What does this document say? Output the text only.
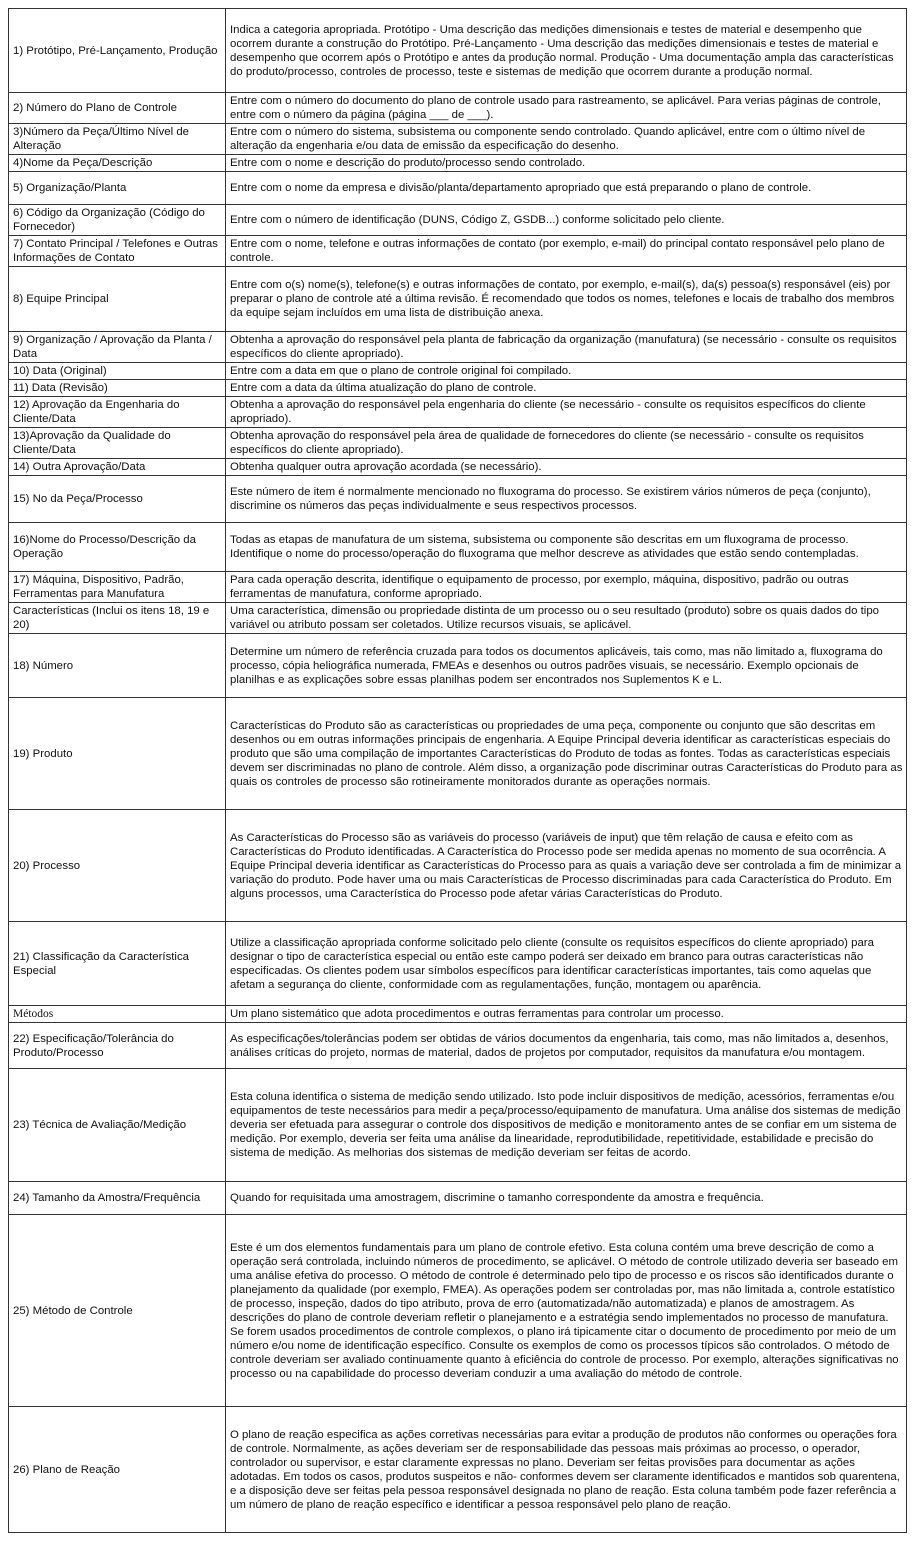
1) Protótipo, Pré-Lançamento, Produção	Indica a categoria apropriada. Protótipo - Uma descrição das medições dimensionais e testes de material e desempenho que ocorrem durante a construção do Protótipo. Pré-Lançamento - Uma descrição das medições dimensionais e testes de material e desempenho que ocorrem após o Protótipo e antes da produção normal. Produção - Uma documentação ampla das características do produto/processo, controles de processo, teste e sistemas de medição que ocorrem durante a produção normal.
2) Número do Plano de Controle	Entre com o número do documento do plano de controle usado para rastreamento, se aplicável. Para verias páginas de controle, entre com o número da página (página ___ de ___).
3)Número da Peça/Último Nível de Alteração	Entre com o número do sistema, subsistema ou componente sendo controlado. Quando aplicável, entre com o último nível de alteração da engenharia e/ou data de emissão da especificação do desenho.
4)Nome da Peça/Descrição	Entre com o nome e descrição do produto/processo sendo controlado.
5) Organização/Planta	Entre com o nome da empresa e divisão/planta/departamento apropriado que está preparando o plano de controle.
6) Código da Organização (Código do Fornecedor)	Entre com o número de identificação (DUNS, Código Z, GSDB...) conforme solicitado pelo cliente.
7) Contato Principal / Telefones e Outras Informações de Contato	Entre com o nome, telefone e outras informações de contato (por exemplo, e-mail) do principal contato responsável pelo plano de controle.
8) Equipe Principal	Entre com o(s) nome(s), telefone(s) e outras informações de contato, por exemplo, e-mail(s), da(s) pessoa(s) responsável (eis) por preparar o plano de controle até a última revisão. É recomendado que todos os nomes, telefones e locais de trabalho dos membros da equipe sejam incluídos em uma lista de distribuição anexa.
9) Organização / Aprovação da Planta / Data	Obtenha a aprovação do responsável pela planta de fabricação da organização (manufatura) (se necessário - consulte os requisitos específicos do cliente apropriado).
10) Data (Original)	Entre com a data em que o plano de controle original foi compilado.
11) Data (Revisão)	Entre com a data da última atualização do plano de controle.
12) Aprovação da Engenharia do Cliente/Data	Obtenha a aprovação do responsável pela engenharia do cliente (se necessário - consulte os requisitos específicos do cliente apropriado).
13)Aprovação da Qualidade do Cliente/Data	Obtenha aprovação do responsável pela área de qualidade de fornecedores do cliente (se necessário - consulte os requisitos específicos do cliente apropriado).
14) Outra Aprovação/Data	Obtenha qualquer outra aprovação acordada (se necessário).
15) No da Peça/Processo	Este número de item é normalmente mencionado no fluxograma do processo. Se existirem vários números de peça (conjunto), discrimine os números das peças individualmente e seus respectivos processos.
16)Nome do Processo/Descrição da Operação	Todas as etapas de manufatura de um sistema, subsistema ou componente são descritas em um fluxograma de processo. Identifique o nome do processo/operação do fluxograma que melhor descreve as atividades que estão sendo contempladas.
17) Máquina, Dispositivo, Padrão, Ferramentas para Manufatura	Para cada operação descrita, identifique o equipamento de processo, por exemplo, máquina, dispositivo, padrão ou outras ferramentas de manufatura, conforme apropriado.
Características (Inclui os itens 18, 19 e 20)	Uma característica, dimensão ou propriedade distinta de um processo ou o seu resultado (produto) sobre os quais dados do tipo variável ou atributo possam ser coletados. Utilize recursos visuais, se aplicável.
18) Número	Determine um número de referência cruzada para todos os documentos aplicáveis, tais como, mas não limitado a, fluxograma do processo, cópia heliográfica numerada, FMEAs e desenhos ou outros padrões visuais, se necessário. Exemplo opcionais de planilhas e as explicações sobre essas planilhas podem ser encontrados nos Suplementos K e L.
19) Produto	Características do Produto são as características ou propriedades de uma peça, componente ou conjunto que são descritas em desenhos ou em outras informações principais de engenharia. A Equipe Principal deveria identificar as características especiais do produto que são uma compilação de importantes Características do Produto de todas as fontes. Todas as características especiais devem ser discriminadas no plano de controle. Além disso, a organização pode discriminar outras Características do Produto para as quais os controles de processo são rotineiramente monitorados durante as operações normais.
20) Processo	As Características do Processo são as variáveis do processo (variáveis de input) que têm relação de causa e efeito com as Características do Produto identificadas. A Característica do Processo pode ser medida apenas no momento de sua ocorrência. A Equipe Principal deveria identificar as Características do Processo para as quais a variação deve ser controlada a fim de minimizar a variação do produto. Pode haver uma ou mais Características de Processo discriminadas para cada Característica do Produto. Em alguns processos, uma Característica do Processo pode afetar várias Características do Produto.
21) Classificação da Característica Especial	Utilize a classificação apropriada conforme solicitado pelo cliente (consulte os requisitos específicos do cliente apropriado) para designar o tipo de característica especial ou então este campo poderá ser deixado em branco para outras características não especificadas. Os clientes podem usar símbolos específicos para identificar características importantes, tais como aquelas que afetam a segurança do cliente, conformidade com as regulamentações, função, montagem ou aparência.
Métodos	Um plano sistemático que adota procedimentos e outras ferramentas para controlar um processo.
22) Especificação/Tolerância do Produto/Processo	As especificações/tolerâncias podem ser obtidas de vários documentos da engenharia, tais como, mas não limitados a, desenhos, análises críticas do projeto, normas de material, dados de projetos por computador, requisitos da manufatura e/ou montagem.
23) Técnica de Avaliação/Medição	Esta coluna identifica o sistema de medição sendo utilizado. Isto pode incluir dispositivos de medição, acessórios, ferramentas e/ou equipamentos de teste necessários para medir a peça/processo/equipamento de manufatura. Uma análise dos sistemas de medição deveria ser efetuada para assegurar o controle dos dispositivos de medição e monitoramento antes de se confiar em um sistema de medição. Por exemplo, deveria ser feita uma análise da linearidade, reprodutibilidade, repetitividade, estabilidade e precisão do sistema de medição. As melhorias dos sistemas de medição deveriam ser feitas de acordo.
24) Tamanho da Amostra/Frequência	Quando for requisitada uma amostragem, discrimine o tamanho correspondente da amostra e frequência.
25) Método de Controle	Este é um dos elementos fundamentais para um plano de controle efetivo. Esta coluna contém uma breve descrição de como a operação será controlada, incluindo números de procedimento, se aplicável. O método de controle utilizado deveria ser baseado em uma análise efetiva do processo. O método de controle é determinado pelo tipo de processo e os riscos são identificados durante o planejamento da qualidade (por exemplo, FMEA). As operações podem ser controladas por, mas não limitada a, controle estatístico de processo, inspeção, dados do tipo atributo, prova de erro (automatizada/não automatizada) e planos de amostragem. As descrições do plano de controle deveriam refletir o planejamento e a estratégia sendo implementados no processo de manufatura. Se forem usados procedimentos de controle complexos, o plano irá tipicamente citar o documento de procedimento por meio de um número e/ou nome de identificação específico. Consulte os exemplos de como os processos típicos são controlados. O método de controle deveriam ser avaliado continuamente quanto à eficiência do controle de processo. Por exemplo, alterações significativas no processo ou na capabilidade do processo deveriam conduzir a uma avaliação do método de controle.
26) Plano de Reação	O plano de reação especifica as ações corretivas necessárias para evitar a produção de produtos não conformes ou operações fora de controle. Normalmente, as ações deveriam ser de responsabilidade das pessoas mais próximas ao processo, o operador, controlador ou supervisor, e estar claramente expressas no plano. Deveriam ser feitas provisões para documentar as ações adotadas. Em todos os casos, produtos suspeitos e não- conformes devem ser claramente identificados e mantidos sob quarentena, e a disposição deve ser feitas pela pessoa responsável designada no plano de reação. Esta coluna também pode fazer referência a um número de plano de reação específico e identificar a pessoa responsável pelo plano de reação.
